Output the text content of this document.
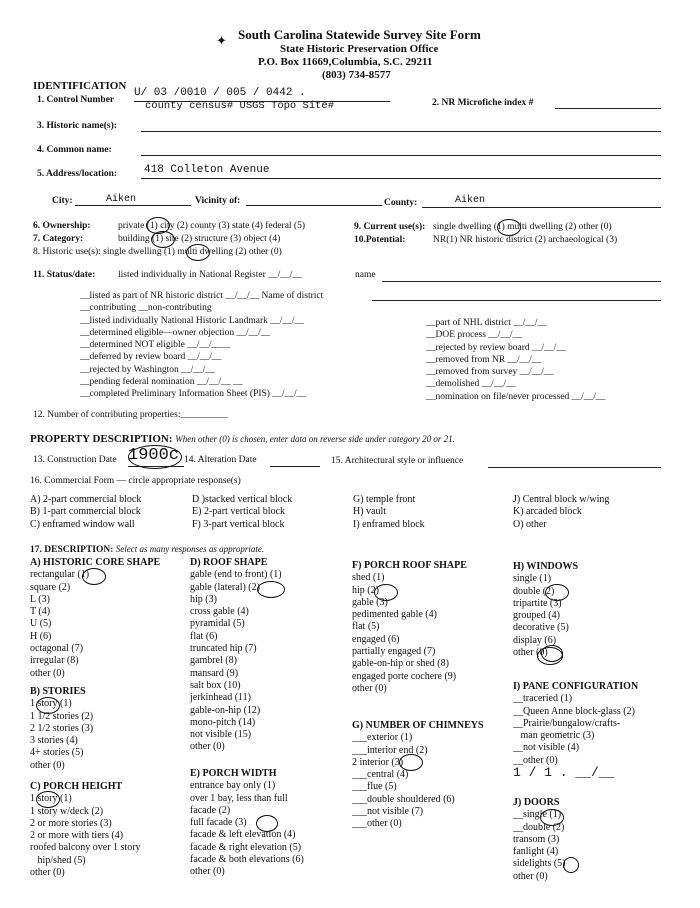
South Carolina Statewide Survey Site Form
State Historic Preservation Office
P.O. Box 11669,Columbia, S.C. 29211
(803) 734-8577
✦
IDENTIFICATION
1. Control Number
U/ 03 /0010 / 005 / 0442 .
county census# USGS Topo Site#	2. NR Microfiche index #
3. Historic name(s):
4. Common name:
5. Address/location: 418 Colleton Avenue
City:	Aiken	Vicinity of:	County:	Aiken
6. Ownership:	private (1) city (2) county (3) state (4) federal (5)
7. Category:	building (1) site (2) structure (3) object (4)
8. Historic use(s): single dwelling (1) multi dwelling (2) other (0)
9. Current use(s): single dwelling (1) multi dwelling (2) other (0)
10.Potential:	NR(1) NR historic district (2) archaeological (3)
11. Status/date: listed individually in National Register __/__/__	name
__listed as part of NR historic district __/__/__ Name of district
__contributing __non-contributing
__listed individually National Historic Landmark __/__/__
__determined eligible—owner objection __/__/__
__determined NOT eligible __/__/____
__deferred by review board __/__/__
__rejected by Washington __/__/__
__pending federal nomination __/__/__ __
__completed Preliminary Information Sheet (PIS) __/__/__
__part of NHL district __/__/__
__DOE process __/__/__
__rejected by review board __/__/__
__removed from NR __/__/__
__removed from survey __/__/__
__demolished __/__/__
__nomination on file/never processed __/__/__
12. Number of contributing properties:__________
PROPERTY DESCRIPTION: When other (0) is chosen, enter data on reverse side under category 20 or 21.
13. Construction Date 1900c 14. Alteration Date	15. Architectural style or influence
16. Commercial Form — circle appropriate response(s)
A) 2-part commercial block
B) 1-part commercial block
C) enframed window wall
D )stacked vertical block
E) 2-part vertical block
F) 3-part vertical block
G) temple front
H) vault
I) enframed block
J) Central block w/wing
K) arcaded block
O) other
17. DESCRIPTION: Select as many responses as appropriate.
A) HISTORIC CORE SHAPE
rectangular (1)
square (2)
L (3)
T (4)
U (5)
H (6)
octagonal (7)
irregular (8)
other (0)
B) STORIES
1 story (1)
1 1/2 stories (2)
2 1/2 stories (3)
3 stories (4)
4+ stories (5)
other (0)
C) PORCH HEIGHT
1 story (1)
1 story w/deck (2)
2 or more stories (3)
2 or more with tiers (4)
roofed balcony over 1 story
hip/shed (5)
other (0)
D) ROOF SHAPE
gable (end to front) (1)
gable (lateral) (2)
hip (3)
cross gable (4)
pyramidal (5)
flat (6)
truncated hip (7)
gambrel (8)
mansard (9)
salt box (10)
jerkinhead (11)
gable-on-hip (12)
mono-pitch (14)
not visible (15)
other (0)
E) PORCH WIDTH
entrance bay only (1)
over 1 bay, less than full
facade (2)
full facade (3)
facade & left elevation (4)
facade & right elevation (5)
facade & both elevations (6)
other (0)
F) PORCH ROOF SHAPE
shed (1)
hip (2)
gable (3)
pedimented gable (4)
flat (5)
engaged (6)
partially engaged (7)
gable-on-hip or shed (8)
engaged porte cochere (9)
other (0)
G) NUMBER OF CHIMNEYS
___exterior (1)
___interior end (2)
2 interior (3)
___central (4)
___flue (5)
___double shouldered (6)
___not visible (7)
___other (0)
H) WINDOWS
single (1)
double (2)
tripartite (3)
grouped (4)
decorative (5)
display (6)
other (0)
I) PANE CONFIGURATION
__traceried (1)
__Queen Anne block-glass (2)
__Prairie/bungalow/crafts-
man geometric (3)
__not visible (4)
__other (0)
1 / 1 . __/__
J) DOORS
__single (1)
__double (2)
transom (3)
fanlight (4)
sidelights (5)
other (0)
